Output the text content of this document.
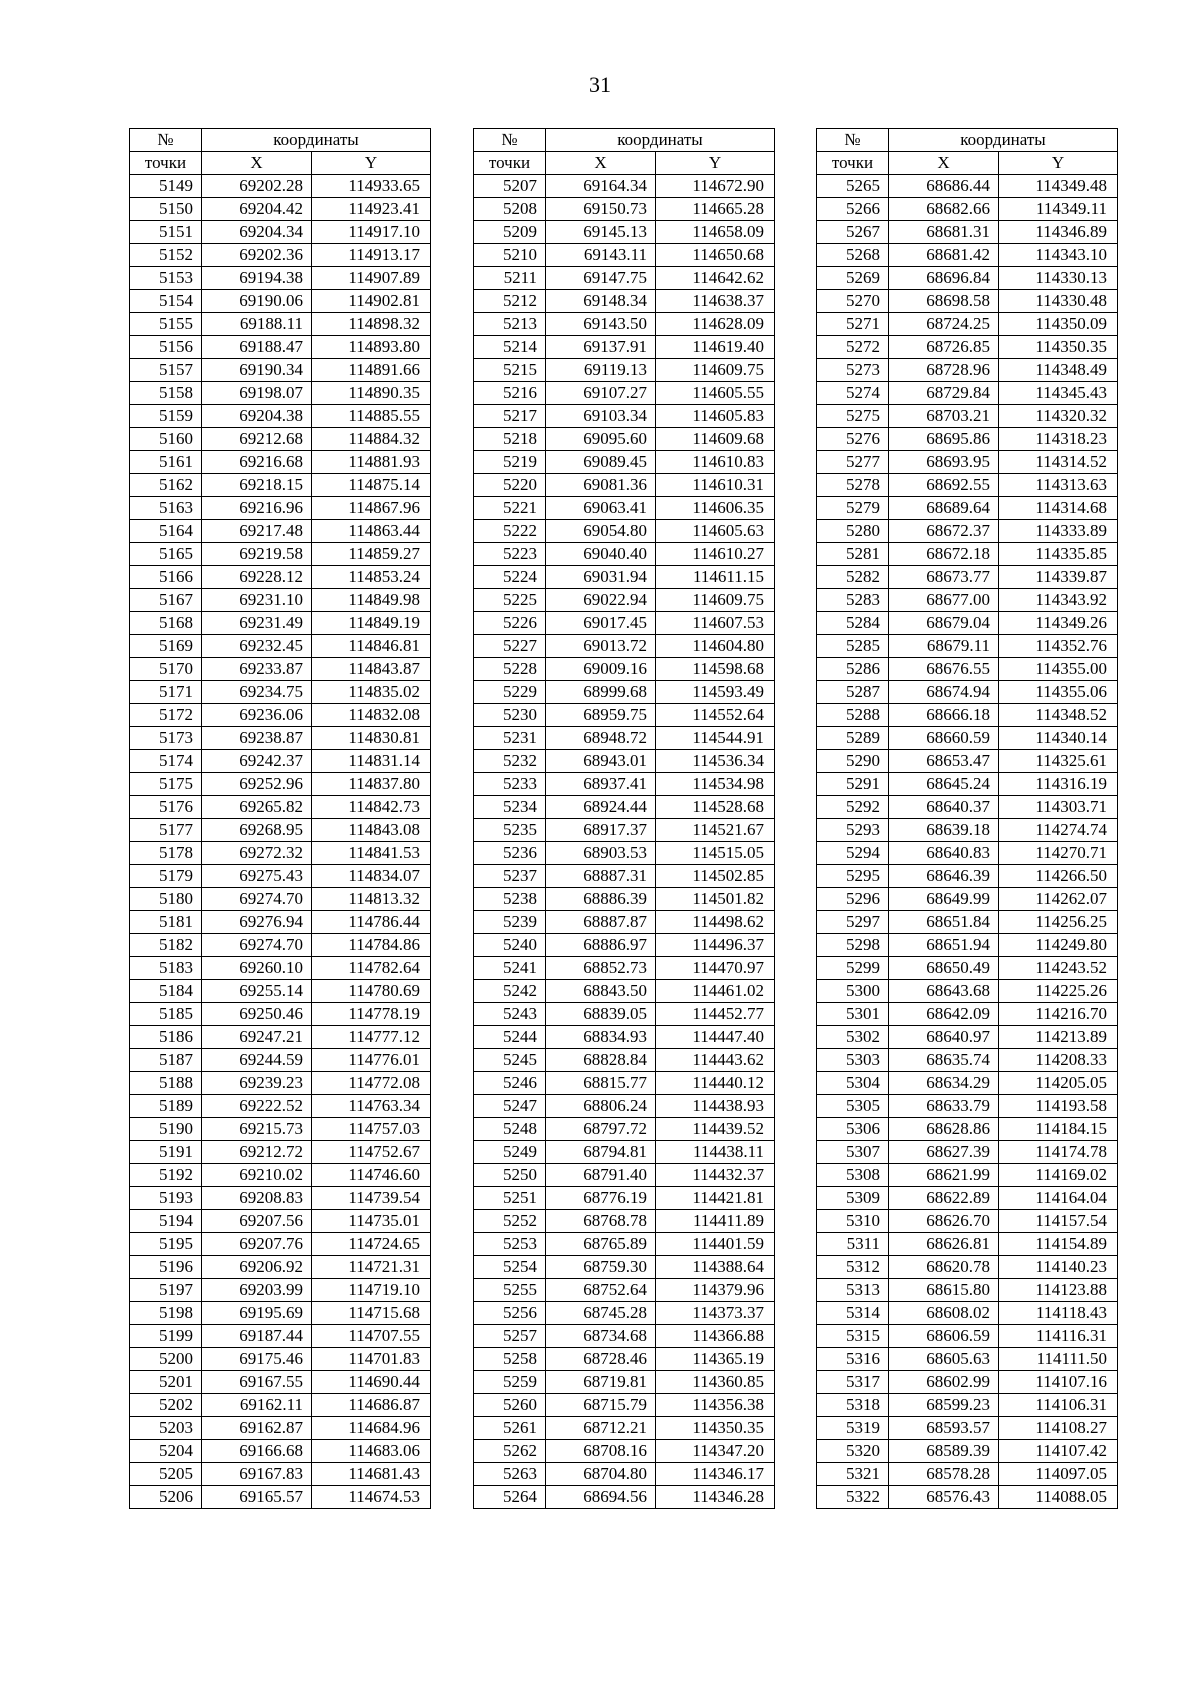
31
№	координаты	
точки	X	Y
5149	69202.28	114933.65
5150	69204.42	114923.41
5151	69204.34	114917.10
5152	69202.36	114913.17
5153	69194.38	114907.89
5154	69190.06	114902.81
5155	69188.11	114898.32
5156	69188.47	114893.80
5157	69190.34	114891.66
5158	69198.07	114890.35
5159	69204.38	114885.55
5160	69212.68	114884.32
5161	69216.68	114881.93
5162	69218.15	114875.14
5163	69216.96	114867.96
5164	69217.48	114863.44
5165	69219.58	114859.27
5166	69228.12	114853.24
5167	69231.10	114849.98
5168	69231.49	114849.19
5169	69232.45	114846.81
5170	69233.87	114843.87
5171	69234.75	114835.02
5172	69236.06	114832.08
5173	69238.87	114830.81
5174	69242.37	114831.14
5175	69252.96	114837.80
5176	69265.82	114842.73
5177	69268.95	114843.08
5178	69272.32	114841.53
5179	69275.43	114834.07
5180	69274.70	114813.32
5181	69276.94	114786.44
5182	69274.70	114784.86
5183	69260.10	114782.64
5184	69255.14	114780.69
5185	69250.46	114778.19
5186	69247.21	114777.12
5187	69244.59	114776.01
5188	69239.23	114772.08
5189	69222.52	114763.34
5190	69215.73	114757.03
5191	69212.72	114752.67
5192	69210.02	114746.60
5193	69208.83	114739.54
5194	69207.56	114735.01
5195	69207.76	114724.65
5196	69206.92	114721.31
5197	69203.99	114719.10
5198	69195.69	114715.68
5199	69187.44	114707.55
5200	69175.46	114701.83
5201	69167.55	114690.44
5202	69162.11	114686.87
5203	69162.87	114684.96
5204	69166.68	114683.06
5205	69167.83	114681.43
5206	69165.57	114674.53
№	координаты	
точки	X	Y
5207	69164.34	114672.90
5208	69150.73	114665.28
5209	69145.13	114658.09
5210	69143.11	114650.68
5211	69147.75	114642.62
5212	69148.34	114638.37
5213	69143.50	114628.09
5214	69137.91	114619.40
5215	69119.13	114609.75
5216	69107.27	114605.55
5217	69103.34	114605.83
5218	69095.60	114609.68
5219	69089.45	114610.83
5220	69081.36	114610.31
5221	69063.41	114606.35
5222	69054.80	114605.63
5223	69040.40	114610.27
5224	69031.94	114611.15
5225	69022.94	114609.75
5226	69017.45	114607.53
5227	69013.72	114604.80
5228	69009.16	114598.68
5229	68999.68	114593.49
5230	68959.75	114552.64
5231	68948.72	114544.91
5232	68943.01	114536.34
5233	68937.41	114534.98
5234	68924.44	114528.68
5235	68917.37	114521.67
5236	68903.53	114515.05
5237	68887.31	114502.85
5238	68886.39	114501.82
5239	68887.87	114498.62
5240	68886.97	114496.37
5241	68852.73	114470.97
5242	68843.50	114461.02
5243	68839.05	114452.77
5244	68834.93	114447.40
5245	68828.84	114443.62
5246	68815.77	114440.12
5247	68806.24	114438.93
5248	68797.72	114439.52
5249	68794.81	114438.11
5250	68791.40	114432.37
5251	68776.19	114421.81
5252	68768.78	114411.89
5253	68765.89	114401.59
5254	68759.30	114388.64
5255	68752.64	114379.96
5256	68745.28	114373.37
5257	68734.68	114366.88
5258	68728.46	114365.19
5259	68719.81	114360.85
5260	68715.79	114356.38
5261	68712.21	114350.35
5262	68708.16	114347.20
5263	68704.80	114346.17
5264	68694.56	114346.28
№	координаты	
точки	X	Y
5265	68686.44	114349.48
5266	68682.66	114349.11
5267	68681.31	114346.89
5268	68681.42	114343.10
5269	68696.84	114330.13
5270	68698.58	114330.48
5271	68724.25	114350.09
5272	68726.85	114350.35
5273	68728.96	114348.49
5274	68729.84	114345.43
5275	68703.21	114320.32
5276	68695.86	114318.23
5277	68693.95	114314.52
5278	68692.55	114313.63
5279	68689.64	114314.68
5280	68672.37	114333.89
5281	68672.18	114335.85
5282	68673.77	114339.87
5283	68677.00	114343.92
5284	68679.04	114349.26
5285	68679.11	114352.76
5286	68676.55	114355.00
5287	68674.94	114355.06
5288	68666.18	114348.52
5289	68660.59	114340.14
5290	68653.47	114325.61
5291	68645.24	114316.19
5292	68640.37	114303.71
5293	68639.18	114274.74
5294	68640.83	114270.71
5295	68646.39	114266.50
5296	68649.99	114262.07
5297	68651.84	114256.25
5298	68651.94	114249.80
5299	68650.49	114243.52
5300	68643.68	114225.26
5301	68642.09	114216.70
5302	68640.97	114213.89
5303	68635.74	114208.33
5304	68634.29	114205.05
5305	68633.79	114193.58
5306	68628.86	114184.15
5307	68627.39	114174.78
5308	68621.99	114169.02
5309	68622.89	114164.04
5310	68626.70	114157.54
5311	68626.81	114154.89
5312	68620.78	114140.23
5313	68615.80	114123.88
5314	68608.02	114118.43
5315	68606.59	114116.31
5316	68605.63	114111.50
5317	68602.99	114107.16
5318	68599.23	114106.31
5319	68593.57	114108.27
5320	68589.39	114107.42
5321	68578.28	114097.05
5322	68576.43	114088.05
